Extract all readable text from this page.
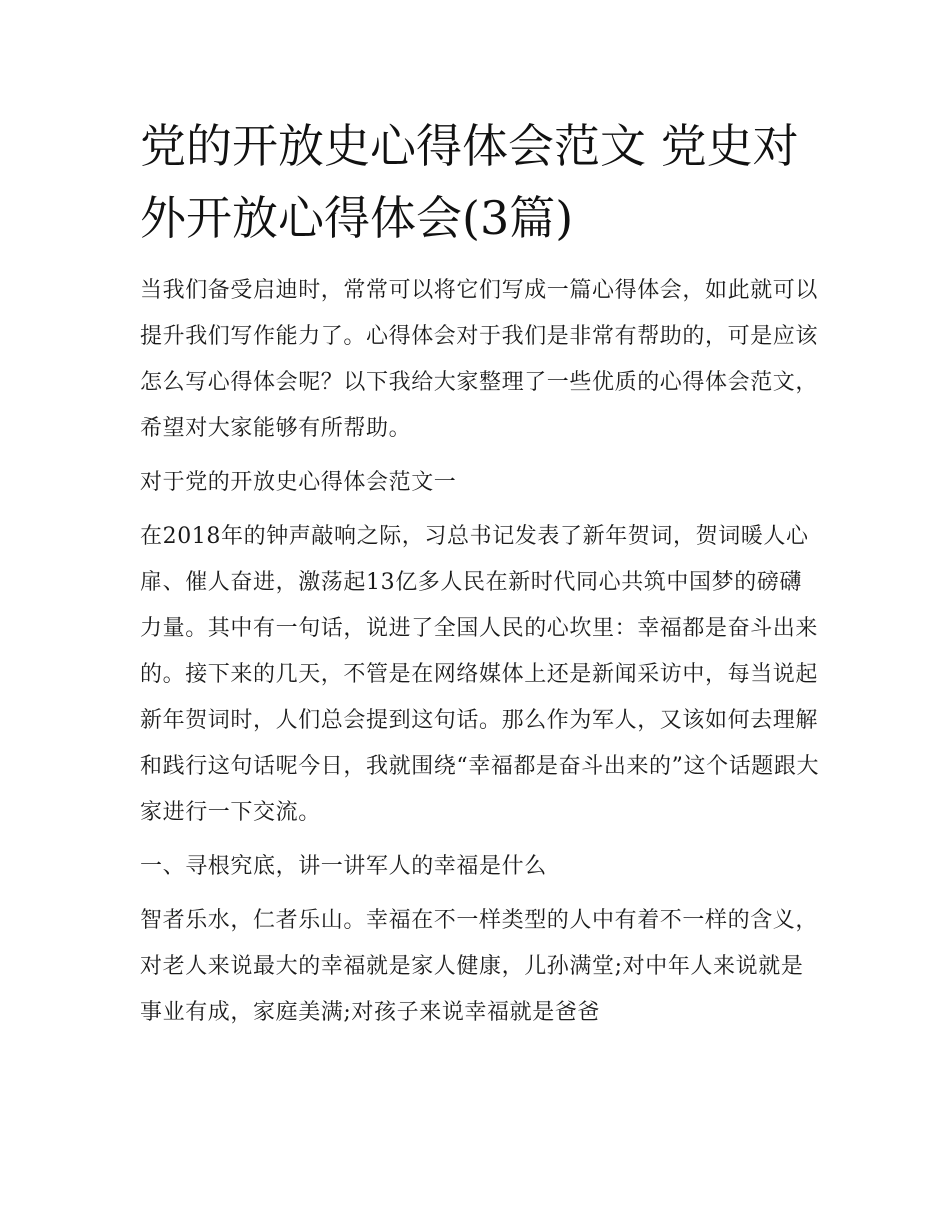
党的开放史心得体会范文 党史对外开放心得体会(3篇)

当我们备受启迪时，常常可以将它们写成一篇心得体会，如此就可以提升我们写作能力了。心得体会对于我们是非常有帮助的，可是应该怎么写心得体会呢？以下我给大家整理了一些优质的心得体会范文，希望对大家能够有所帮助。

对于党的开放史心得体会范文一

在2018年的钟声敲响之际，习总书记发表了新年贺词，贺词暖人心扉、催人奋进，激荡起13亿多人民在新时代同心共筑中国梦的磅礴力量。其中有一句话，说进了全国人民的心坎里：幸福都是奋斗出来的。接下来的几天，不管是在网络媒体上还是新闻采访中，每当说起新年贺词时，人们总会提到这句话。那么作为军人，又该如何去理解和践行这句话呢今日，我就围绕“幸福都是奋斗出来的”这个话题跟大家进行一下交流。

一、寻根究底，讲一讲军人的幸福是什么

智者乐水，仁者乐山。幸福在不一样类型的人中有着不一样的含义，对老人来说最大的幸福就是家人健康，儿孙满堂;对中年人来说就是事业有成，家庭美满;对孩子来说幸福就是爸爸
